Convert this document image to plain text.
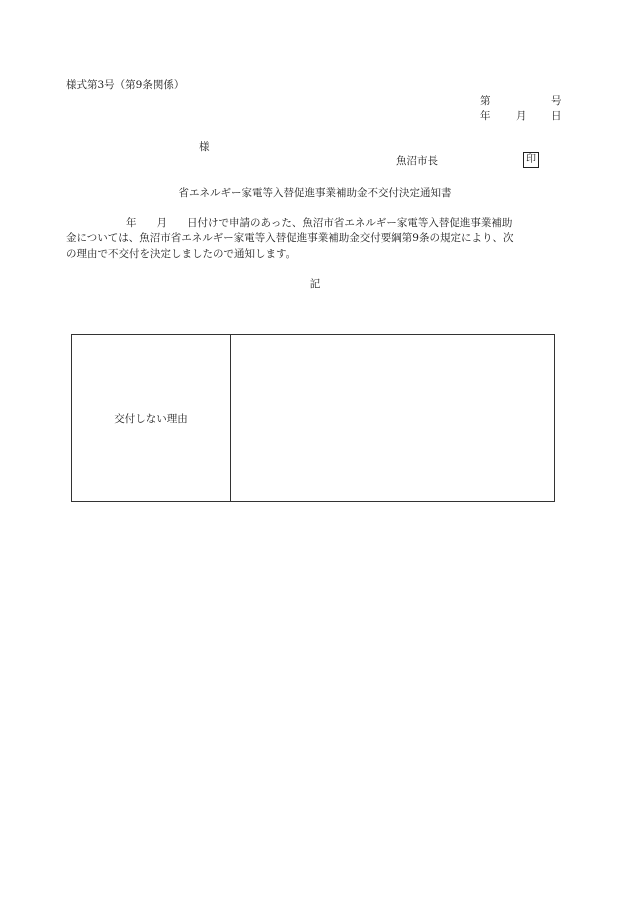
様式第3号（第9条関係）
第	号
年 月 日
様
魚沼市長	印
省エネルギー家電等入替促進事業補助金不交付決定通知書
年 月 日付けで申請のあった、魚沼市省エネルギー家電等入替促進事業補助
金については、魚沼市省エネルギー家電等入替促進事業補助金交付要綱第9条の規定により、次
の理由で不交付を決定しましたので通知します。
記
交付しない理由	
